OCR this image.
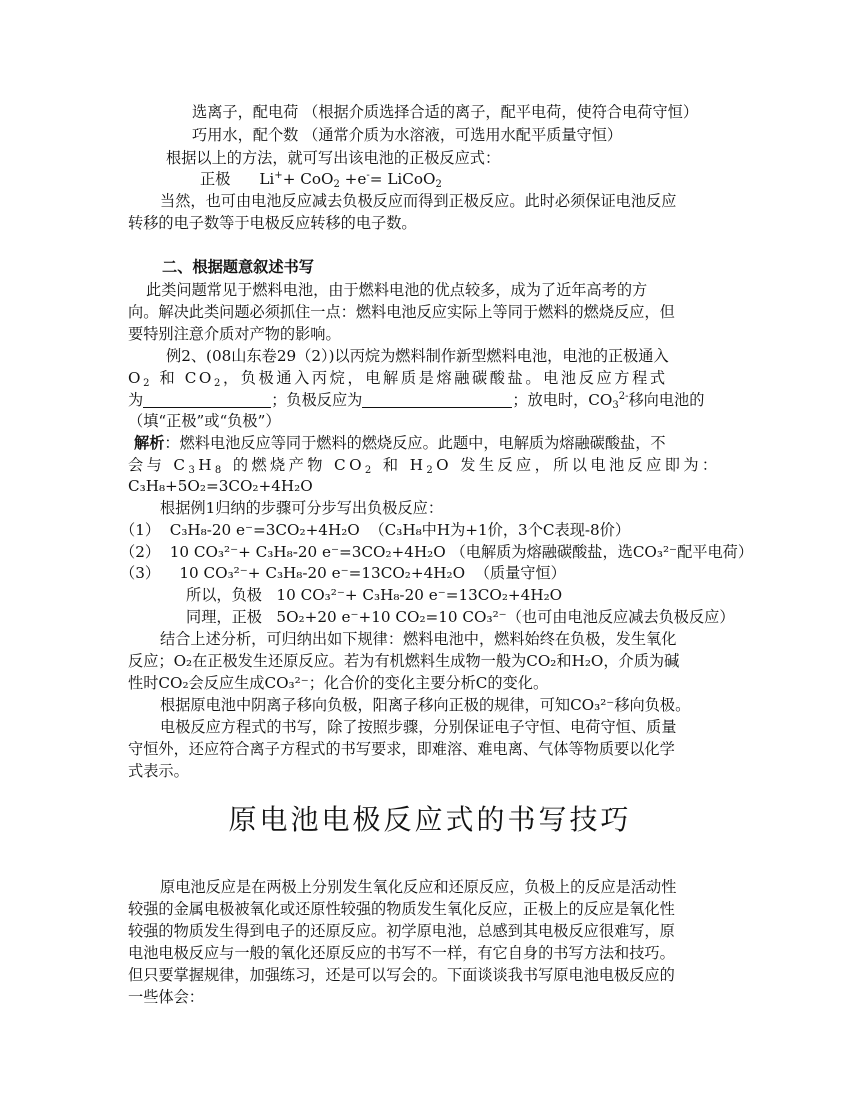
选离子，配电荷 （根据介质选择合适的离子，配平电荷，使符合电荷守恒）
巧用水，配个数 （通常介质为水溶液，可选用水配平质量守恒）
根据以上的方法，就可写出该电池的正极反应式：
正极 Li++ CoO$_2$ +e-= LiCoO$_2$
当然，也可由电池反应减去负极反应而得到正极反应。此时必须保证电池反应
转移的电子数等于电极反应转移的电子数。
二、根据题意叙述书写
此类问题常见于燃料电池，由于燃料电池的优点较多，成为了近年高考的方
向。解决此类问题必须抓住一点：燃料电池反应实际上等同于燃料的燃烧反应，但
要特别注意介质对产物的影响。
例2、(08山东卷29（2）)以丙烷为燃料制作新型燃料电池，电池的正极通入
$O_2$ 和 $CO_2$，负极通入丙烷，电解质是熔融碳酸盐。电池反应方程式
为	；负极反应为	；放电时，$CO_3^{2-}$移向电池的
（填“正极”或“负极”）
解析：燃料电池反应等同于燃料的燃烧反应。此题中，电解质为熔融碳酸盐，不
会与 $C_3H_8$ 的燃烧产物 $CO_2$ 和 $H_2O$ 发生反应，所以电池反应即为：
C₃H₈+5O₂=3CO₂+4H₂O
根据例1归纳的步骤可分步写出负极反应：
（1） C₃H₈-20 e⁻=3CO₂+4H₂O （C₃H₈中H为+1价，3个C表现-8价）
（2） 10 CO₃²⁻+ C₃H₈-20 e⁻=3CO₂+4H₂O （电解质为熔融碳酸盐，选CO₃²⁻配平电荷）
（3） 10 CO₃²⁻+ C₃H₈-20 e⁻=13CO₂+4H₂O （质量守恒）
所以，负极 10 CO₃²⁻+ C₃H₈-20 e⁻=13CO₂+4H₂O
同理，正极 5O₂+20 e⁻+10 CO₂=10 CO₃²⁻（也可由电池反应减去负极反应）
结合上述分析，可归纳出如下规律：燃料电池中，燃料始终在负极，发生氧化
反应；O₂在正极发生还原反应。若为有机燃料生成物一般为CO₂和H₂O，介质为碱
性时CO₂会反应生成CO₃²⁻；化合价的变化主要分析C的变化。
根据原电池中阴离子移向负极，阳离子移向正极的规律，可知CO₃²⁻移向负极。
电极反应方程式的书写，除了按照步骤，分别保证电子守恒、电荷守恒、质量
守恒外，还应符合离子方程式的书写要求，即难溶、难电离、气体等物质要以化学
式表示。
原电池电极反应式的书写技巧
原电池反应是在两极上分别发生氧化反应和还原反应，负极上的反应是活动性
较强的金属电极被氧化或还原性较强的物质发生氧化反应，正极上的反应是氧化性
较强的物质发生得到电子的还原反应。初学原电池，总感到其电极反应很难写，原
电池电极反应与一般的氧化还原反应的书写不一样，有它自身的书写方法和技巧。
但只要掌握规律，加强练习，还是可以写会的。下面谈谈我书写原电池电极反应的
一些体会：
